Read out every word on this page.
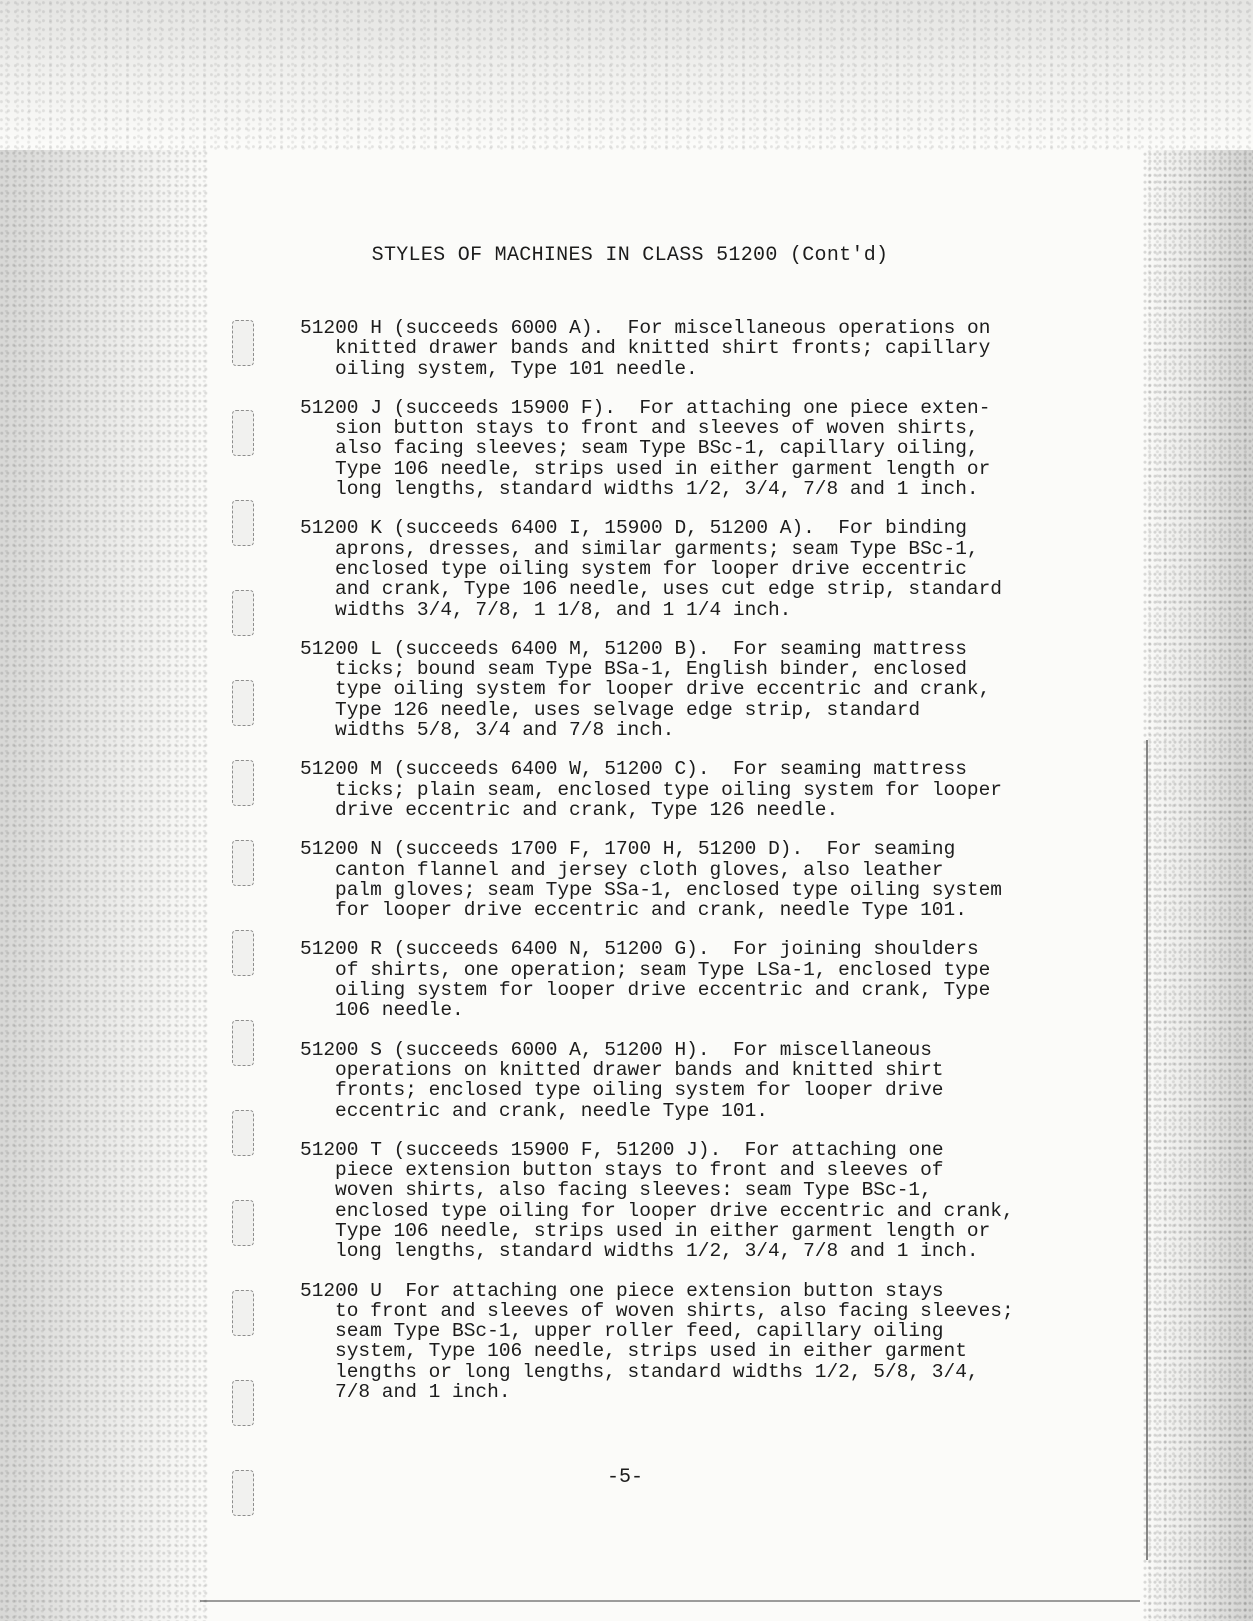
STYLES OF MACHINES IN CLASS 51200 (Cont'd)
51200 H (succeeds 6000 A).  For miscellaneous operations on
knitted drawer bands and knitted shirt fronts; capillary
oiling system, Type 101 needle.
51200 J (succeeds 15900 F).  For attaching one piece exten-
sion button stays to front and sleeves of woven shirts,
also facing sleeves; seam Type BSc-1, capillary oiling,
Type 106 needle, strips used in either garment length or
long lengths, standard widths 1/2, 3/4, 7/8 and 1 inch.
51200 K (succeeds 6400 I, 15900 D, 51200 A).  For binding
aprons, dresses, and similar garments; seam Type BSc-1,
enclosed type oiling system for looper drive eccentric
and crank, Type 106 needle, uses cut edge strip, standard
widths 3/4, 7/8, 1 1/8, and 1 1/4 inch.
51200 L (succeeds 6400 M, 51200 B).  For seaming mattress
ticks; bound seam Type BSa-1, English binder, enclosed
type oiling system for looper drive eccentric and crank,
Type 126 needle, uses selvage edge strip, standard
widths 5/8, 3/4 and 7/8 inch.
51200 M (succeeds 6400 W, 51200 C).  For seaming mattress
ticks; plain seam, enclosed type oiling system for looper
drive eccentric and crank, Type 126 needle.
51200 N (succeeds 1700 F, 1700 H, 51200 D).  For seaming
canton flannel and jersey cloth gloves, also leather
palm gloves; seam Type SSa-1, enclosed type oiling system
for looper drive eccentric and crank, needle Type 101.
51200 R (succeeds 6400 N, 51200 G).  For joining shoulders
of shirts, one operation; seam Type LSa-1, enclosed type
oiling system for looper drive eccentric and crank, Type
106 needle.
51200 S (succeeds 6000 A, 51200 H).  For miscellaneous
operations on knitted drawer bands and knitted shirt
fronts; enclosed type oiling system for looper drive
eccentric and crank, needle Type 101.
51200 T (succeeds 15900 F, 51200 J).  For attaching one
piece extension button stays to front and sleeves of
woven shirts, also facing sleeves: seam Type BSc-1,
enclosed type oiling for looper drive eccentric and crank,
Type 106 needle, strips used in either garment length or
long lengths, standard widths 1/2, 3/4, 7/8 and 1 inch.
51200 U  For attaching one piece extension button stays
to front and sleeves of woven shirts, also facing sleeves;
seam Type BSc-1, upper roller feed, capillary oiling
system, Type 106 needle, strips used in either garment
lengths or long lengths, standard widths 1/2, 5/8, 3/4,
7/8 and 1 inch.
-5-
